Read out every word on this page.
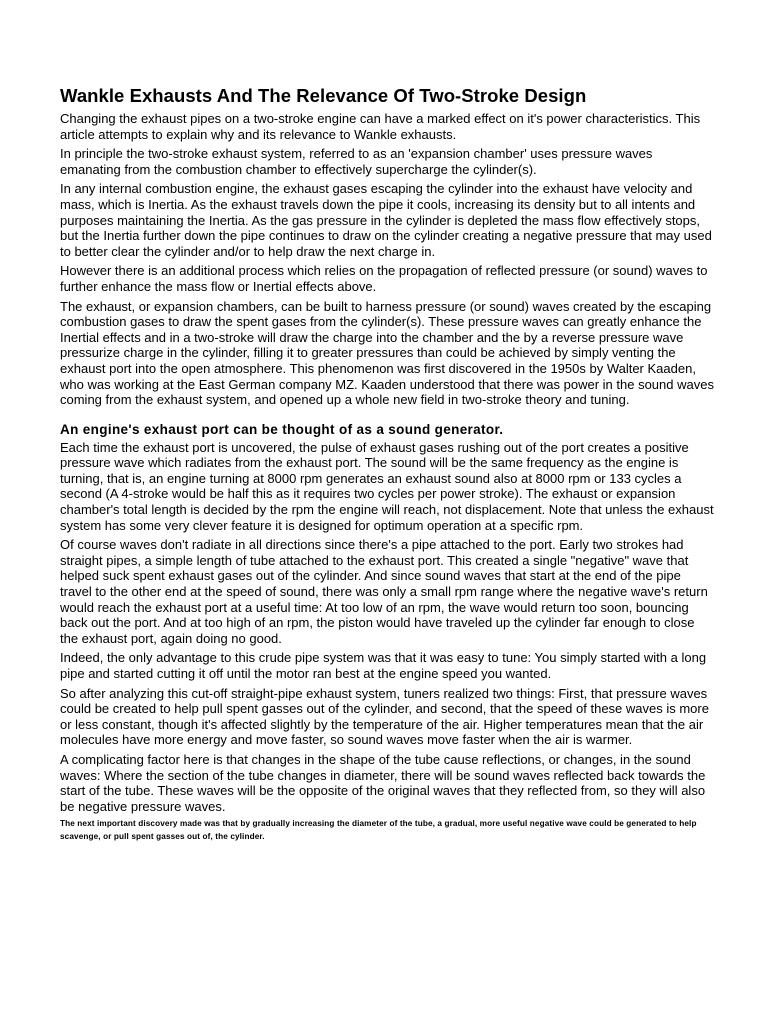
Wankle Exhausts And The Relevance Of Two-Stroke Design

Changing the exhaust pipes on a two-stroke engine can have a marked effect on it's power characteristics. This article attempts to explain why and its relevance to Wankle exhausts.

In principle the two-stroke exhaust system, referred to as an 'expansion chamber' uses pressure waves emanating from the combustion chamber to effectively supercharge the cylinder(s).

In any internal combustion engine, the exhaust gases escaping the cylinder into the exhaust have velocity and mass, which is Inertia. As the exhaust travels down the pipe it cools, increasing its density but to all intents and purposes maintaining the Inertia. As the gas pressure in the cylinder is depleted the mass flow effectively stops, but the Inertia further down the pipe continues to draw on the cylinder creating a negative pressure that may used to better clear the cylinder and/or to help draw the next charge in.

However there is an additional process which relies on the propagation of reflected pressure (or sound) waves to further enhance the mass flow or Inertial effects above.

The exhaust, or expansion chambers, can be built to harness pressure (or sound) waves created by the escaping combustion gases to draw the spent gases from the cylinder(s). These pressure waves can greatly enhance the Inertial effects and in a two-stroke will draw the charge into the chamber and the by a reverse pressure wave pressurize charge in the cylinder, filling it to greater pressures than could be achieved by simply venting the exhaust port into the open atmosphere. This phenomenon was first discovered in the 1950s by Walter Kaaden, who was working at the East German company MZ. Kaaden understood that there was power in the sound waves coming from the exhaust system, and opened up a whole new field in two-stroke theory and tuning.

An engine's exhaust port can be thought of as a sound generator.

Each time the exhaust port is uncovered, the pulse of exhaust gases rushing out of the port creates a positive pressure wave which radiates from the exhaust port. The sound will be the same frequency as the engine is turning, that is, an engine turning at 8000 rpm generates an exhaust sound also at 8000 rpm or 133 cycles a second (A 4-stroke would be half this as it requires two cycles per power stroke). The exhaust or expansion chamber's total length is decided by the rpm the engine will reach, not displacement. Note that unless the exhaust system has some very clever feature it is designed for optimum operation at a specific rpm.

Of course waves don't radiate in all directions since there's a pipe attached to the port. Early two strokes had straight pipes, a simple length of tube attached to the exhaust port. This created a single "negative" wave that helped suck spent exhaust gases out of the cylinder. And since sound waves that start at the end of the pipe travel to the other end at the speed of sound, there was only a small rpm range where the negative wave's return would reach the exhaust port at a useful time: At too low of an rpm, the wave would return too soon, bouncing back out the port. And at too high of an rpm, the piston would have traveled up the cylinder far enough to close the exhaust port, again doing no good.

Indeed, the only advantage to this crude pipe system was that it was easy to tune: You simply started with a long pipe and started cutting it off until the motor ran best at the engine speed you wanted.

So after analyzing this cut-off straight-pipe exhaust system, tuners realized two things: First, that pressure waves could be created to help pull spent gasses out of the cylinder, and second, that the speed of these waves is more or less constant, though it's affected slightly by the temperature of the air. Higher temperatures mean that the air molecules have more energy and move faster, so sound waves move faster when the air is warmer.

A complicating factor here is that changes in the shape of the tube cause reflections, or changes, in the sound waves: Where the section of the tube changes in diameter, there will be sound waves reflected back towards the start of the tube. These waves will be the opposite of the original waves that they reflected from, so they will also be negative pressure waves.

The next important discovery made was that by gradually increasing the diameter of the tube, a gradual, more useful negative wave could be generated to help scavenge, or pull spent gasses out of, the cylinder.
